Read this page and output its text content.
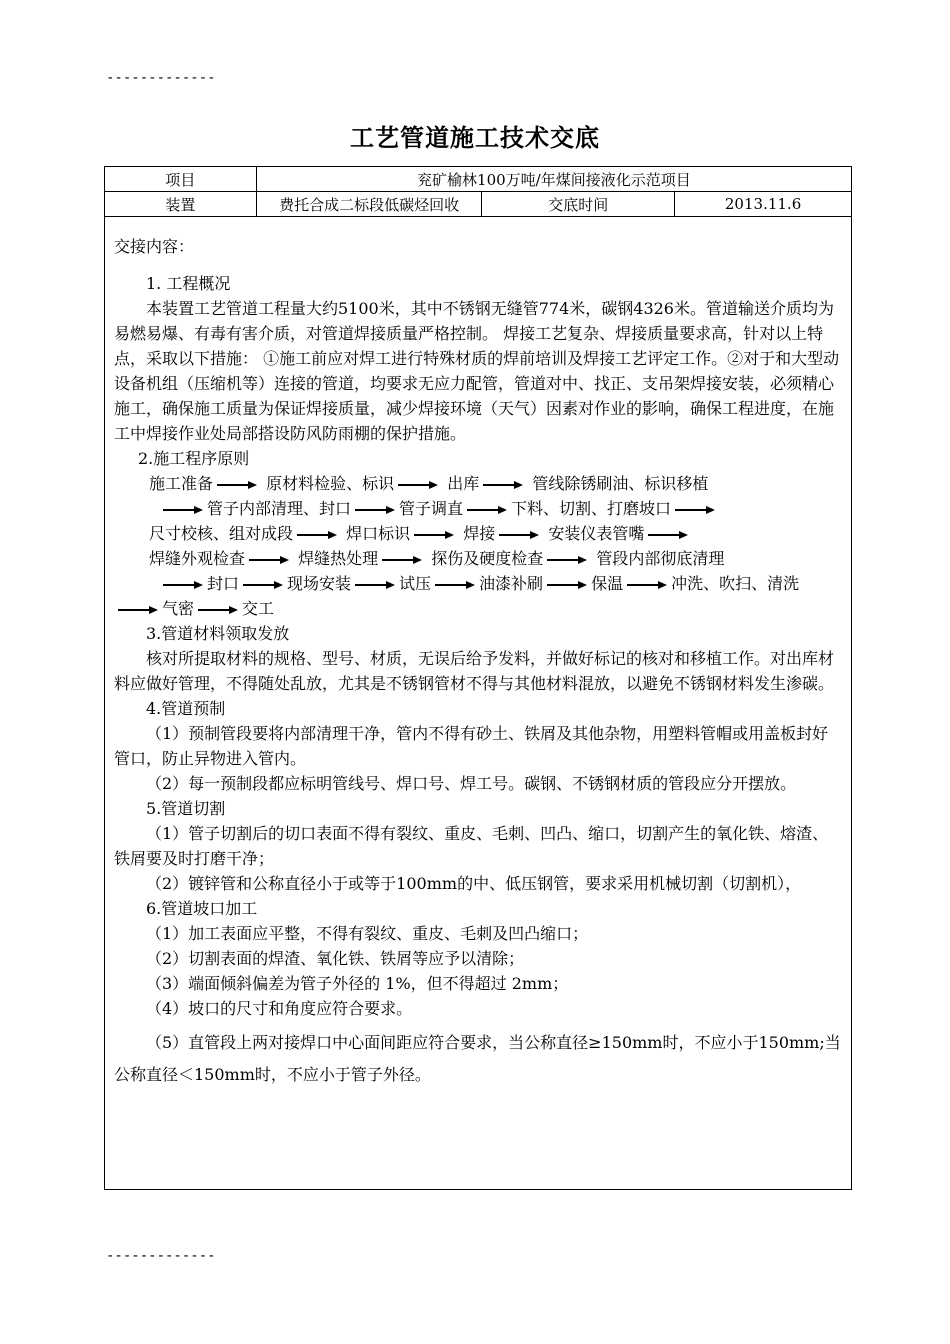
-------------
工艺管道施工技术交底
项目	兖矿榆林100万吨/年煤间接液化示范项目		
装置	费托合成二标段低碳烃回收	交底时间	2013.11.6

交接内容：

1. 工程概况

本装置工艺管道工程量大约5100米，其中不锈钢无缝管774米，碳钢4326米。管道输送介质均为易燃易爆、有毒有害介质，对管道焊接质量严格控制。 焊接工艺复杂、焊接质量要求高，针对以上特点，采取以下措施： ①施工前应对焊工进行特殊材质的焊前培训及焊接工艺评定工作。②对于和大型动设备机组（压缩机等）连接的管道，均要求无应力配管，管道对中、找正、支吊架焊接安装，必须精心施工，确保施工质量为保证焊接质量，减少焊接环境（天气）因素对作业的影响，确保工程进度，在施工中焊接作业处局部搭设防风防雨棚的保护措施。

2.施工程序原则

施工准备	原材料检验、标识	出库	管线除锈刷油、标识移植
管子内部清理、封口	管子调直	下料、切割、打磨坡口
尺寸校核、组对成段	焊口标识	焊接	安装仪表管嘴
焊缝外观检查	焊缝热处理	探伤及硬度检查	管段内部彻底清理
封口	现场安装	试压	油漆补刷	保温	冲洗、吹扫、清洗
气密	交工

3.管道材料领取发放

核对所提取材料的规格、型号、材质，无误后给予发料，并做好标记的核对和移植工作。对出库材料应做好管理，不得随处乱放，尤其是不锈钢管材不得与其他材料混放，以避免不锈钢材料发生渗碳。

4.管道预制

（1）预制管段要将内部清理干净，管内不得有砂土、铁屑及其他杂物，用塑料管帽或用盖板封好管口，防止异物进入管内。

（2）每一预制段都应标明管线号、焊口号、焊工号。碳钢、不锈钢材质的管段应分开摆放。

5.管道切割

（1）管子切割后的切口表面不得有裂纹、重皮、毛刺、凹凸、缩口，切割产生的氧化铁、熔渣、铁屑要及时打磨干净；

（2）镀锌管和公称直径小于或等于100mm的中、低压钢管，要求采用机械切割（切割机），

6.管道坡口加工

（1）加工表面应平整，不得有裂纹、重皮、毛刺及凹凸缩口；

（2）切割表面的焊渣、氧化铁、铁屑等应予以清除；

（3）端面倾斜偏差为管子外径的 1%，但不得超过 2mm；

（4）坡口的尺寸和角度应符合要求。

（5）直管段上两对接焊口中心面间距应符合要求，当公称直径≥150mm时，不应小于150mm;当公称直径＜150mm时，不应小于管子外径。

-------------
